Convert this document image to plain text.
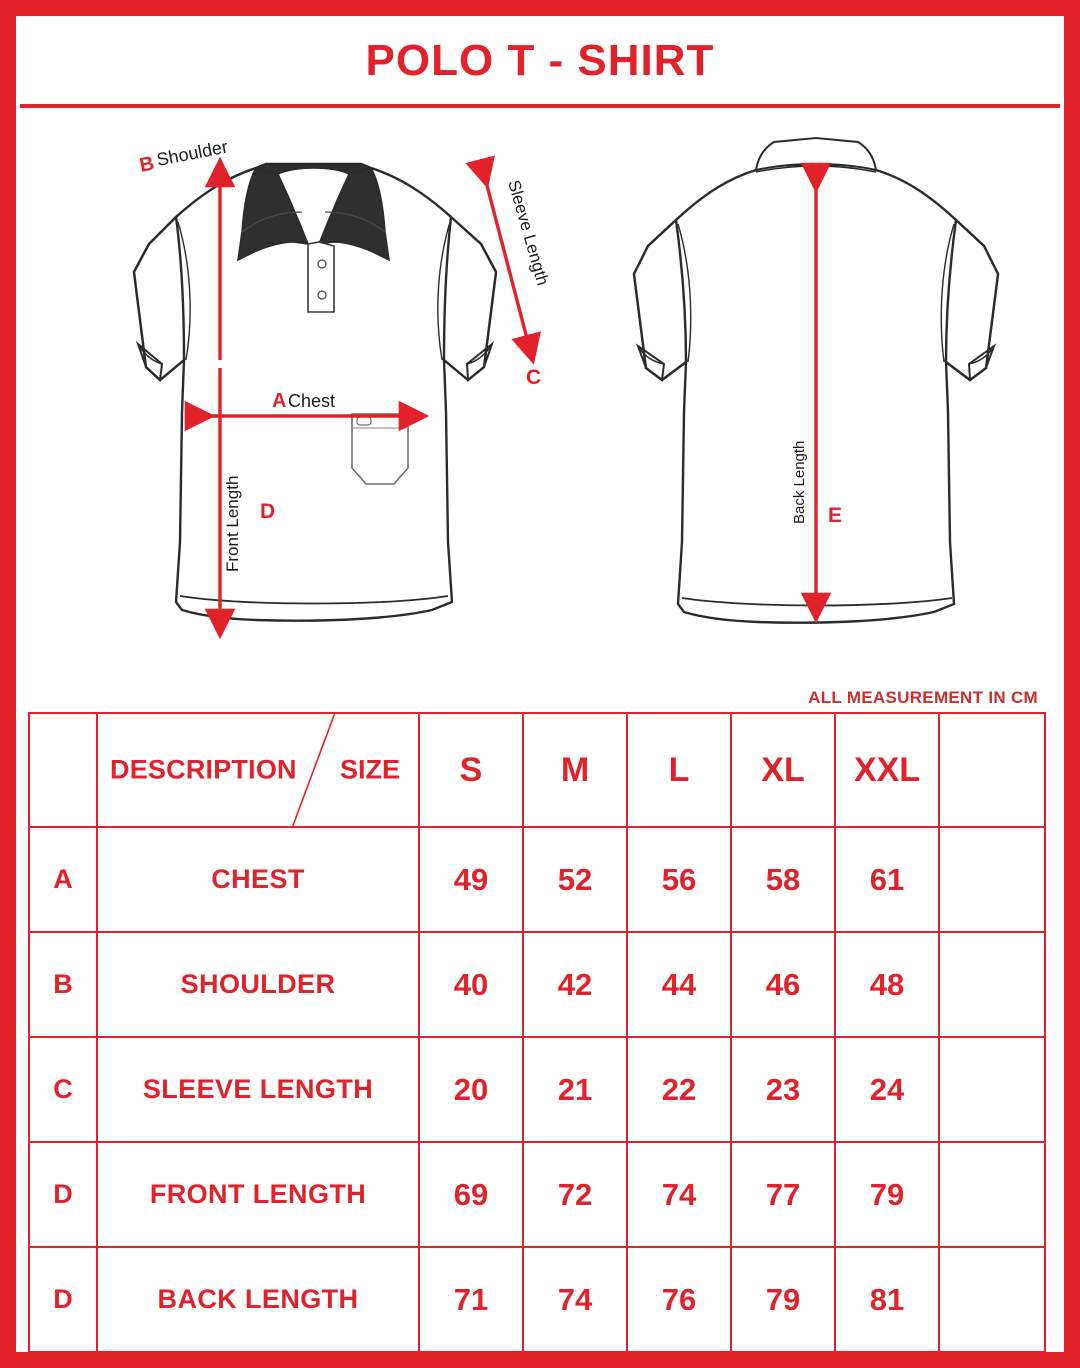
POLO T - SHIRT
B
Shoulder
A Chest
Sleeve Length
C
Front Length D	Back Length E
ALL MEASUREMENT IN CM

	DESCRIPTION SIZE	S	M	L	XL	XXL	
A	CHEST	49	52	56	58	61	
B	SHOULDER	40	42	44	46	48	
C	SLEEVE LENGTH	20	21	22	23	24	
D	FRONT LENGTH	69	72	74	77	79	
D	BACK LENGTH	71	74	76	79	81	
